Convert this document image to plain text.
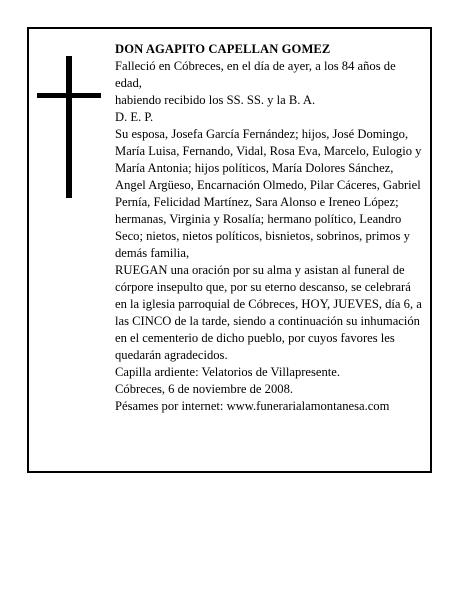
DON AGAPITO CAPELLAN GOMEZ

Falleció en Cóbreces, en el día de ayer, a los 84 años de edad,

habiendo recibido los SS. SS. y la B. A.

D. E. P.

Su esposa, Josefa García Fernández; hijos, José Domingo, María Luisa, Fernando, Vidal, Rosa Eva, Marcelo, Eulogio y María Antonia; hijos políticos, María Dolores Sánchez, Angel Argüeso, Encarnación Olmedo, Pilar Cáceres, Gabriel Pernía, Felicidad Martínez, Sara Alonso e Ireneo López; hermanas, Virginia y Rosalía; hermano político, Leandro Seco; nietos, nietos políticos, bisnietos, sobrinos, primos y demás familia,

RUEGAN una oración por su alma y asistan al funeral de córpore insepulto que, por su eterno descanso, se celebrará en la iglesia parroquial de Cóbreces, HOY, JUEVES, día 6, a las CINCO de la tarde, siendo a continuación su inhumación en el cementerio de dicho pueblo, por cuyos favores les quedarán agradecidos.

Capilla ardiente: Velatorios de Villapresente.

Cóbreces, 6 de noviembre de 2008.

Pésames por internet: www.funerarialamontanesa.com
